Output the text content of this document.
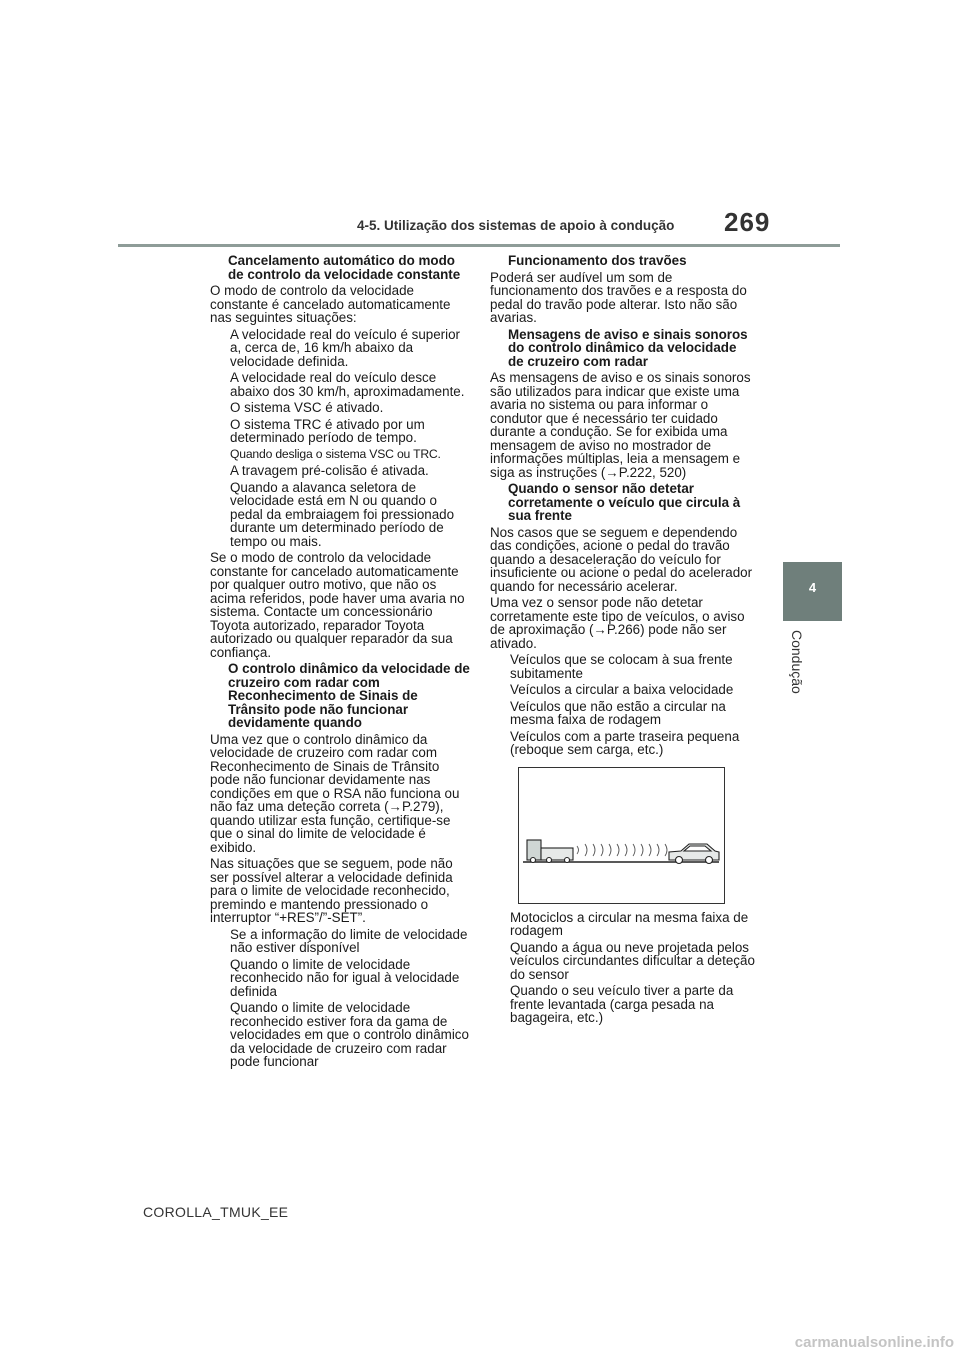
4-5. Utilização dos sistemas de apoio à condução 269
4
Condução
Cancelamento automático do modo de controlo da velocidade constante
O modo de controlo da velocidade constante é cancelado automaticamente nas seguintes situações:
A velocidade real do veículo é superior a, cerca de, 16 km/h abaixo da velocidade definida.
A velocidade real do veículo desce abaixo dos 30 km/h, aproximadamente.
O sistema VSC é ativado.
O sistema TRC é ativado por um determinado período de tempo.
Quando desliga o sistema VSC ou TRC.
A travagem pré-colisão é ativada.
Quando a alavanca seletora de velocidade está em N ou quando o pedal da embraiagem foi pressionado durante um determinado período de tempo ou mais.
Se o modo de controlo da velocidade constante for cancelado automaticamente por qualquer outro motivo, que não os acima referidos, pode haver uma avaria no sistema. Contacte um concessionário Toyota autorizado, reparador Toyota autorizado ou qualquer reparador da sua confiança.
O controlo dinâmico da velocidade de cruzeiro com radar com Reconhecimento de Sinais de Trânsito pode não funcionar devidamente quando
Uma vez que o controlo dinâmico da velocidade de cruzeiro com radar com Reconhecimento de Sinais de Trânsito pode não funcionar devidamente nas condições em que o RSA não funciona ou não faz uma deteção correta (→P.279), quando utilizar esta função, certifique-se que o sinal do limite de velocidade é exibido.
Nas situações que se seguem, pode não ser possível alterar a velocidade definida para o limite de velocidade reconhecido, premindo e mantendo pressionado o interruptor “+RES”/”-SET”.
Se a informação do limite de velocidade não estiver disponível
Quando o limite de velocidade reconhecido não for igual à velocidade definida
Quando o limite de velocidade reconhecido estiver fora da gama de velocidades em que o controlo dinâmico da velocidade de cruzeiro com radar pode funcionar
Funcionamento dos travões
Poderá ser audível um som de funcionamento dos travões e a resposta do pedal do travão pode alterar. Isto não são avarias.
Mensagens de aviso e sinais sonoros do controlo dinâmico da velocidade de cruzeiro com radar
As mensagens de aviso e os sinais sonoros são utilizados para indicar que existe uma avaria no sistema ou para informar o condutor que é necessário ter cuidado durante a condução. Se for exibida uma mensagem de aviso no mostrador de informações múltiplas, leia a mensagem e siga as instruções (→P.222, 520)
Quando o sensor não detetar corretamente o veículo que circula à sua frente
Nos casos que se seguem e dependendo das condições, acione o pedal do travão quando a desaceleração do veículo for insuficiente ou acione o pedal do acelerador quando for necessário acelerar.
Uma vez o sensor pode não detetar corretamente este tipo de veículos, o aviso de aproximação (→P.266) pode não ser ativado.
Veículos que se colocam à sua frente subitamente
Veículos a circular a baixa velocidade
Veículos que não estão a circular na mesma faixa de rodagem
Veículos com a parte traseira pequena (reboque sem carga, etc.)
Motociclos a circular na mesma faixa de rodagem
Quando a água ou neve projetada pelos veículos circundantes dificultar a deteção do sensor
Quando o seu veículo tiver a parte da frente levantada (carga pesada na bagageira, etc.)
COROLLA_TMUK_EE
carmanualsonline.info
